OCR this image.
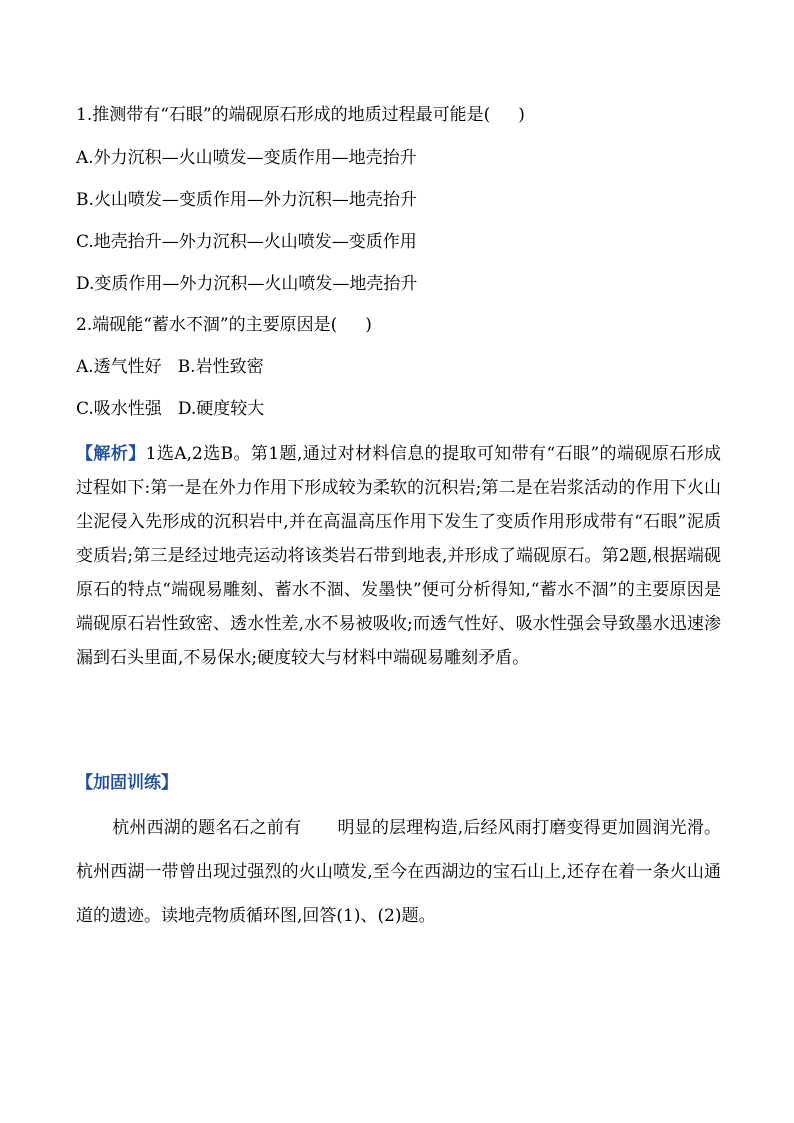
1.推测带有“石眼”的端砚原石形成的地质过程最可能是( )
A.外力沉积—火山喷发—变质作用—地壳抬升
B.火山喷发—变质作用—外力沉积—地壳抬升
C.地壳抬升—外力沉积—火山喷发—变质作用
D.变质作用—外力沉积—火山喷发—地壳抬升
2.端砚能“蓄水不涸”的主要原因是( )
A.透气性好 B.岩性致密
C.吸水性强 D.硬度较大
【解析】1选A,2选B。第1题,通过对材料信息的提取可知带有“石眼”的端砚原石形成过程如下:第一是在外力作用下形成较为柔软的沉积岩;第二是在岩浆活动的作用下火山尘泥侵入先形成的沉积岩中,并在高温高压作用下发生了变质作用形成带有“石眼”泥质变质岩;第三是经过地壳运动将该类岩石带到地表,并形成了端砚原石。第2题,根据端砚原石的特点“端砚易雕刻、蓄水不涸、发墨快”便可分析得知,“蓄水不涸”的主要原因是端砚原石岩性致密、透水性差,水不易被吸收;而透气性好、吸水性强会导致墨水迅速渗漏到石头里面,不易保水;硬度较大与材料中端砚易雕刻矛盾。
【加固训练】
杭州西湖的题名石之前有 明显的层理构造,后经风雨打磨变得更加圆润光滑。杭州西湖一带曾出现过强烈的火山喷发,至今在西湖边的宝石山上,还存在着一条火山通道的遗迹。读地壳物质循环图,回答(1)、(2)题。
